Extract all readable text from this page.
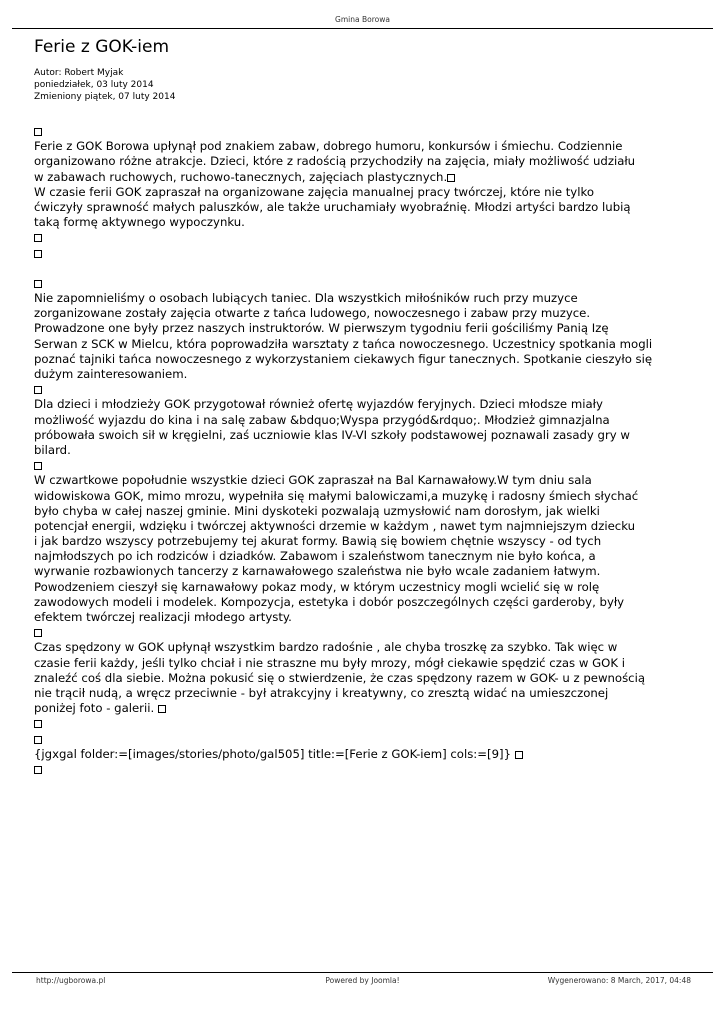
Gmina Borowa
Ferie z GOK-iem
Autor: Robert Myjak
poniedziałek, 03 luty 2014
Zmieniony piątek, 07 luty 2014
Ferie z GOK Borowa upłynął pod znakiem zabaw, dobrego humoru, konkursów i śmiechu. Codziennie
organizowano różne atrakcje. Dzieci, które z radością przychodziły na zajęcia, miały możliwość udziału
w zabawach ruchowych, ruchowo-tanecznych, zajęciach plastycznych.
W czasie ferii GOK zapraszał na organizowane zajęcia manualnej pracy twórczej, które nie tylko
ćwiczyły sprawność małych paluszków, ale także uruchamiały wyobraźnię. Młodzi artyści bardzo lubią
taką formę aktywnego wypoczynku.
Nie zapomnieliśmy o osobach lubiących taniec. Dla wszystkich miłośników ruch przy muzyce
zorganizowane zostały zajęcia otwarte z tańca ludowego, nowoczesnego i zabaw przy muzyce.
Prowadzone one były przez naszych instruktorów. W pierwszym tygodniu ferii gościliśmy Panią Izę
Serwan z SCK w Mielcu, która poprowadziła warsztaty z tańca nowoczesnego. Uczestnicy spotkania mogli
poznać tajniki tańca nowoczesnego z wykorzystaniem ciekawych figur tanecznych. Spotkanie cieszyło się
dużym zainteresowaniem.
Dla dzieci i młodzieży GOK przygotował również ofertę wyjazdów feryjnych. Dzieci młodsze miały
możliwość wyjazdu do kina i na salę zabaw &bdquo;Wyspa przygód&rdquo;. Młodzież gimnazjalna
próbowała swoich sił w kręgielni, zaś uczniowie klas IV-VI szkoły podstawowej poznawali zasady gry w
bilard.
W czwartkowe popołudnie wszystkie dzieci GOK zapraszał na Bal Karnawałowy.W tym dniu sala
widowiskowa GOK, mimo mrozu, wypełniła się małymi balowiczami,a muzykę i radosny śmiech słychać
było chyba w całej naszej gminie. Mini dyskoteki pozwalają uzmysłowić nam dorosłym, jak wielki
potencjał energii, wdzięku i twórczej aktywności drzemie w każdym , nawet tym najmniejszym dziecku
i jak bardzo wszyscy potrzebujemy tej akurat formy. Bawią się bowiem chętnie wszyscy - od tych
najmłodszych po ich rodziców i dziadków. Zabawom i szaleństwom tanecznym nie było końca, a
wyrwanie rozbawionych tancerzy z karnawałowego szaleństwa nie było wcale zadaniem łatwym.
Powodzeniem cieszył się karnawałowy pokaz mody, w którym uczestnicy mogli wcielić się w rolę
zawodowych modeli i modelek. Kompozycja, estetyka i dobór poszczególnych części garderoby, były
efektem twórczej realizacji młodego artysty.
Czas spędzony w GOK upłynął wszystkim bardzo radośnie , ale chyba troszkę za szybko. Tak więc w
czasie ferii każdy, jeśli tylko chciał i nie straszne mu były mrozy, mógł ciekawie spędzić czas w GOK i
znaleźć coś dla siebie. Można pokusić się o stwierdzenie, że czas spędzony razem w GOK- u z pewnością
nie trącił nudą, a wręcz przeciwnie - był atrakcyjny i kreatywny, co zresztą widać na umieszczonej
poniżej foto - galerii.
{jgxgal folder:=[images/stories/photo/gal505] title:=[Ferie z GOK-iem] cols:=[9]}
http://ugborowa.pl	Powered by Joomla!	Wygenerowano: 8 March, 2017, 04:48
